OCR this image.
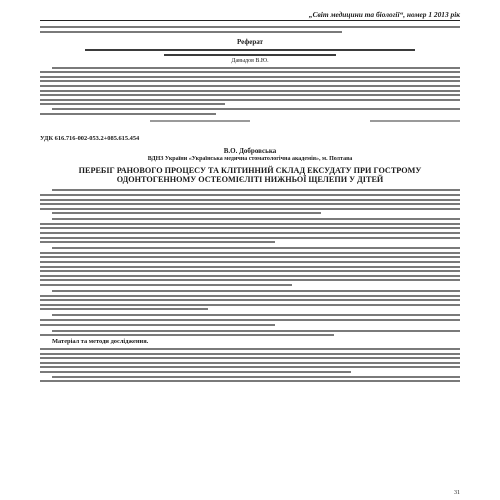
„Світ медицини та біології“, номер 1 2013 рік
Реферат
Давыдов В.Ю.
УДК 616.716-002-053.2+085.615.454
В.О. Добровська
ВДНЗ України «Українська медична стоматологічна академія», м. Полтава
ПЕРЕБІГ РАНОВОГО ПРОЦЕСУ ТА КЛІТИННИЙ СКЛАД ЕКСУДАТУ ПРИ ГОСТРОМУ ОДОНТОГЕННОМУ ОСТЕОМІЄЛІТІ НИЖНЬОЇ ЩЕЛЕПИ У ДІТЕЙ
Матеріал та методи дослідження.
31
